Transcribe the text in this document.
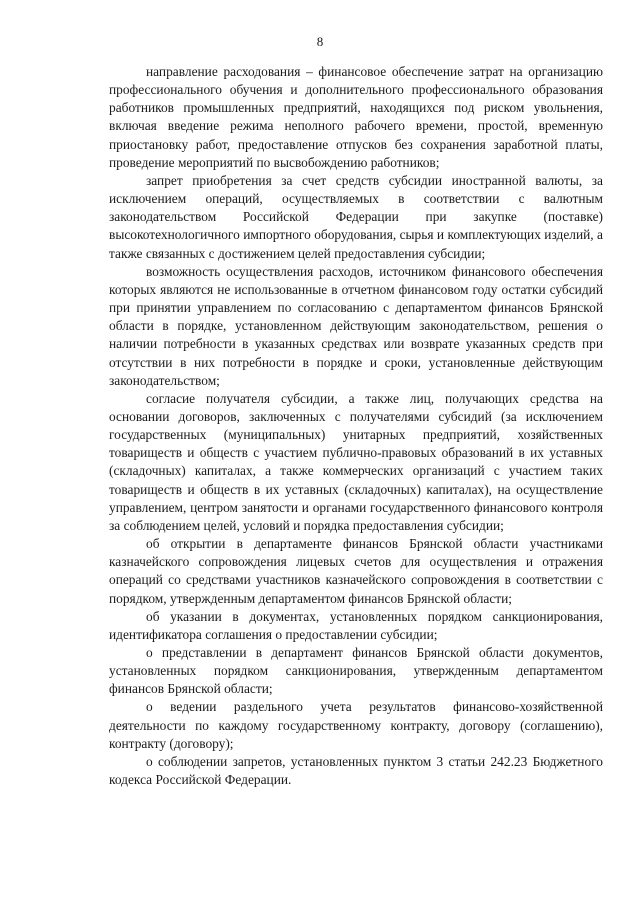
8

направление расходования – финансовое обеспечение затрат на организацию профессионального обучения и дополнительного профессионального образования работников промышленных предприятий, находящихся под риском увольнения, включая введение режима неполного рабочего времени, простой, временную приостановку работ, предоставление отпусков без сохранения заработной платы, проведение мероприятий по высвобождению работников;

запрет приобретения за счет средств субсидии иностранной валюты, за исключением операций, осуществляемых в соответствии с валютным законодательством Российской Федерации при закупке (поставке) высокотехнологичного импортного оборудования, сырья и комплектующих изделий, а также связанных с достижением целей предоставления субсидии;

возможность осуществления расходов, источником финансового обеспечения которых являются не использованные в отчетном финансовом году остатки субсидий при принятии управлением по согласованию с департаментом финансов Брянской области в порядке, установленном действующим законодательством, решения о наличии потребности в указанных средствах или возврате указанных средств при отсутствии в них потребности в порядке и сроки, установленные действующим законодательством;

согласие получателя субсидии, а также лиц, получающих средства на основании договоров, заключенных с получателями субсидий (за исключением государственных (муниципальных) унитарных предприятий, хозяйственных товариществ и обществ с участием публично-правовых образований в их уставных (складочных) капиталах, а также коммерческих организаций с участием таких товариществ и обществ в их уставных (складочных) капиталах), на осуществление управлением, центром занятости и органами государственного финансового контроля за соблюдением целей, условий и порядка предоставления субсидии;

об открытии в департаменте финансов Брянской области участниками казначейского сопровождения лицевых счетов для осуществления и отражения операций со средствами участников казначейского сопровождения в соответствии с порядком, утвержденным департаментом финансов Брянской области;

об указании в документах, установленных порядком санкционирования, идентификатора соглашения о предоставлении субсидии;

о представлении в департамент финансов Брянской области документов, установленных порядком санкционирования, утвержденным департаментом финансов Брянской области;

о ведении раздельного учета результатов финансово-хозяйственной деятельности по каждому государственному контракту, договору (соглашению), контракту (договору);

о соблюдении запретов, установленных пунктом 3 статьи 242.23 Бюджетного кодекса Российской Федерации.
